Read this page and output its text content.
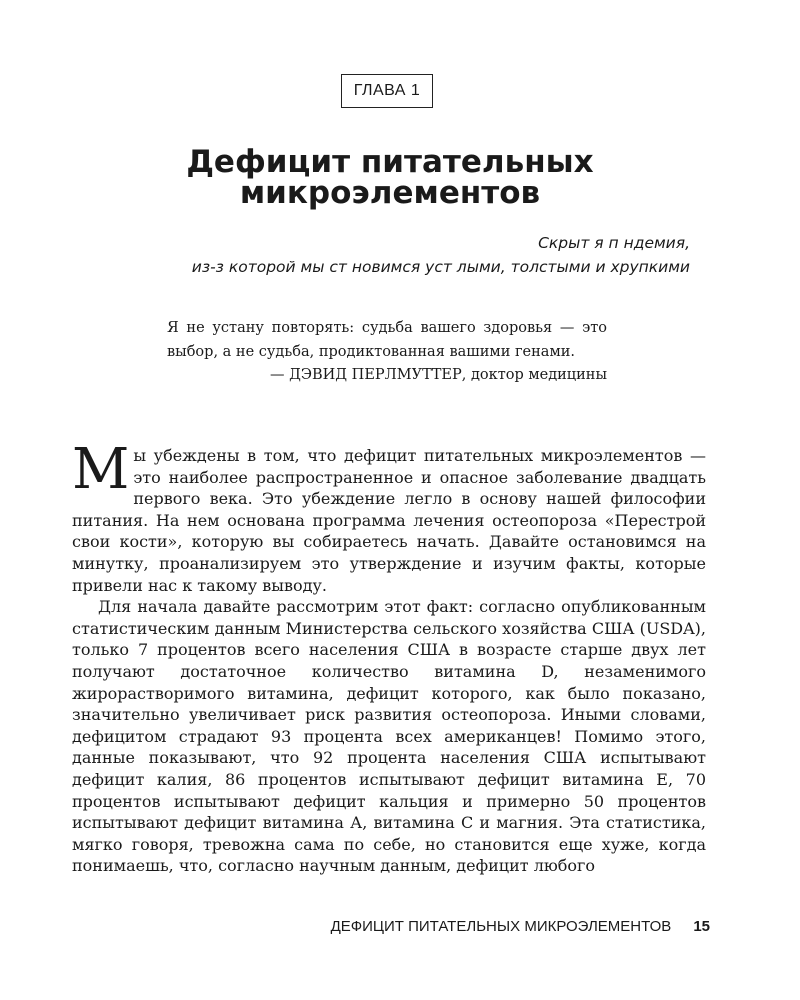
ГЛАВА 1
Дефицит питательных
микроэлементов
Скрыт я п ндемия,
из-з которой мы ст новимся уст лыми, толстыми и хрупкими
Я не устану повторять: судьба вашего здоровья — это выбор, а не судьба, продиктованная вашими генами.
— ДЭВИД ПЕРЛМУТТЕР, доктор медицины

Мы убеждены в том, что дефицит питательных микроэлементов — это наиболее распространенное и опасное заболевание двадцать первого века. Это убеждение легло в основу нашей философии питания. На нем основана программа лечения остеопороза «Перестрой свои кости», которую вы собираетесь начать. Давайте остановимся на минутку, проанализируем это утверждение и изучим факты, которые привели нас к такому выводу.

Для начала давайте рассмотрим этот факт: согласно опубликованным статистическим данным Министерства сельского хозяйства США (USDA), только 7 процентов всего населения США в возрасте старше двух лет получают достаточное количество витамина D, незаменимого жирорастворимого витамина, дефицит которого, как было показано, значительно увеличивает риск развития остеопороза. Иными словами, дефицитом страдают 93 процента всех американцев! Помимо этого, данные показывают, что 92 процента населения США испытывают дефицит калия, 86 процентов испытывают дефицит витамина Е, 70 процентов испытывают дефицит кальция и примерно 50 процентов испытывают дефицит витамина А, витамина С и магния. Эта статистика, мягко говоря, тревожна сама по себе, но становится еще хуже, когда понимаешь, что, согласно научным данным, дефицит любого

ДЕФИЦИТ ПИТАТЕЛЬНЫХ МИКРОЭЛЕМЕНТОВ 15
